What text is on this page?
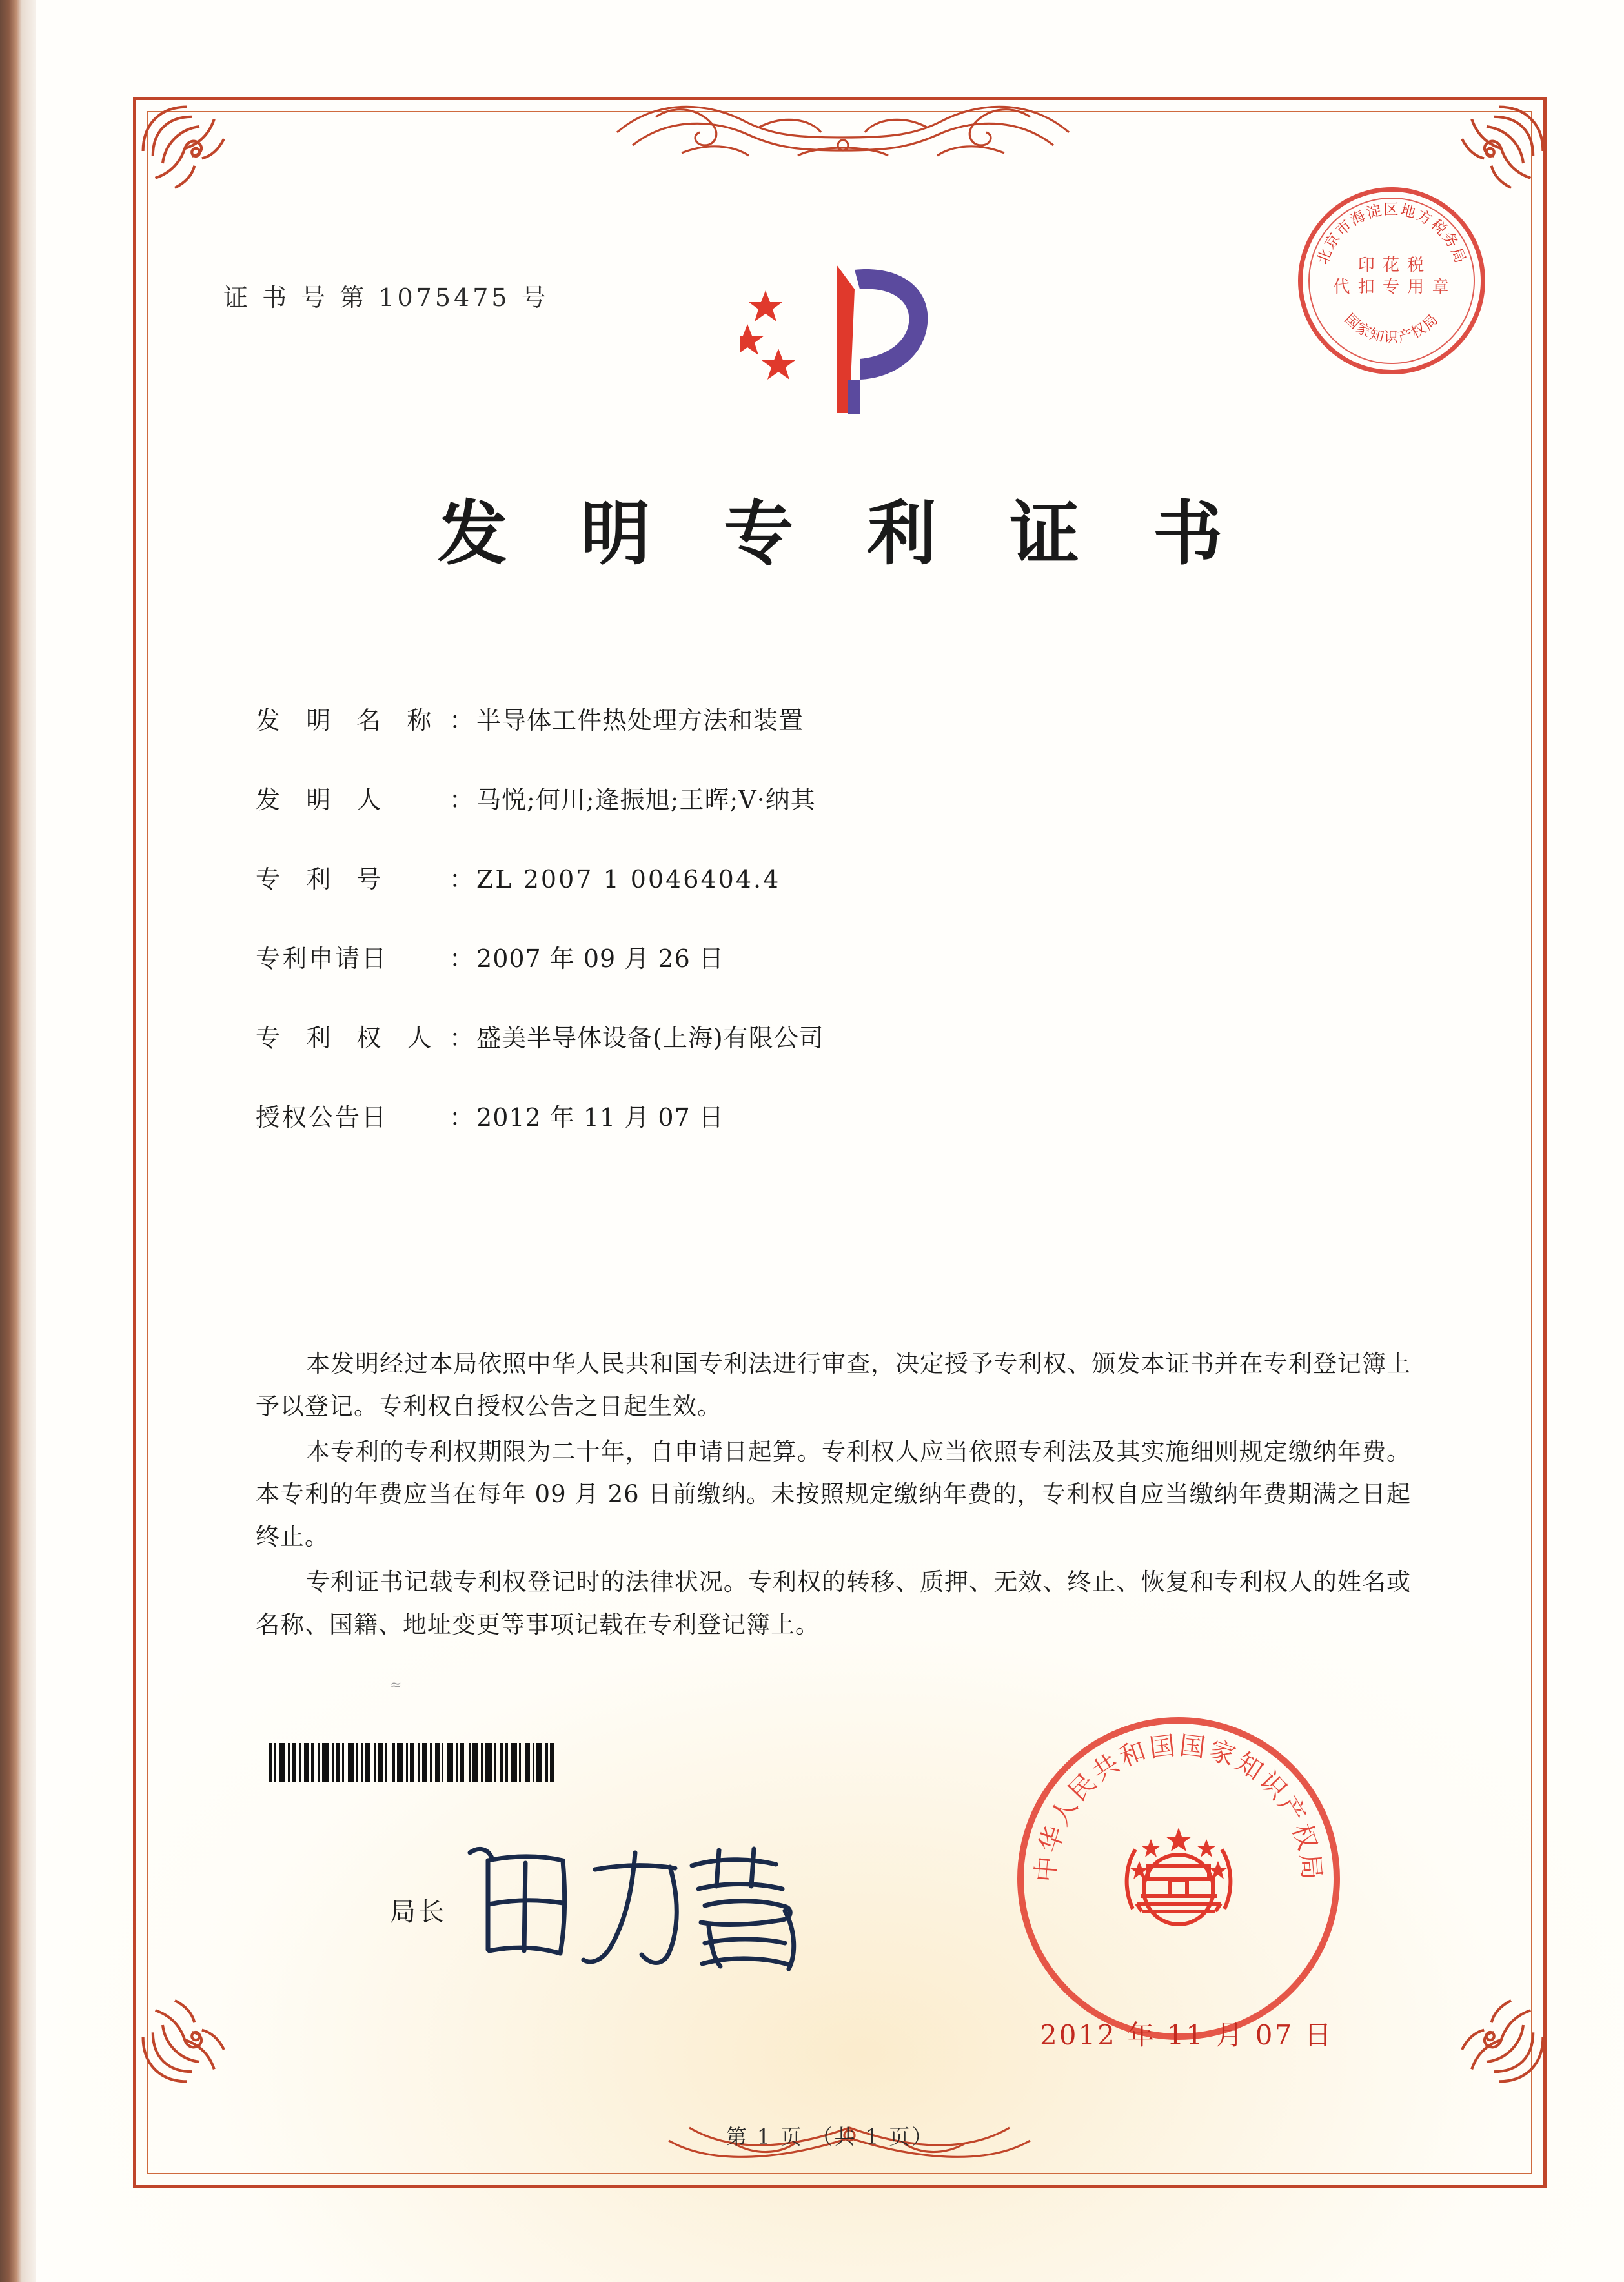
证 书 号 第 1075475 号
北京市海淀区地方税务局
国家知识产权局
印 花 税
代 扣 专 用 章
发 明 专 利 证 书
发 明 名 称 ： 半导体工件热处理方法和装置
发 明 人	： 马悦;何川;逄振旭;王晖;V·纳其
专 利 号	： ZL 2007 1 0046404.4
专利申请日	： 2007 年 09 月 26 日
专 利 权 人 ： 盛美半导体设备(上海)有限公司
授权公告日	： 2012 年 11 月 07 日

本发明经过本局依照中华人民共和国专利法进行审查，决定授予专利权、颁发本证书并在专利登记簿上予以登记。专利权自授权公告之日起生效。

本专利的专利权期限为二十年，自申请日起算。专利权人应当依照专利法及其实施细则规定缴纳年费。本专利的年费应当在每年 09 月 26 日前缴纳。未按照规定缴纳年费的，专利权自应当缴纳年费期满之日起终止。

专利证书记载专利权登记时的法律状况。专利权的转移、质押、无效、终止、恢复和专利权人的姓名或名称、国籍、地址变更等事项记载在专利登记簿上。

≈
局长
中华人民共和国国家知识产权局
2012 年 11 月 07 日
第 1 页 （共 1 页）
